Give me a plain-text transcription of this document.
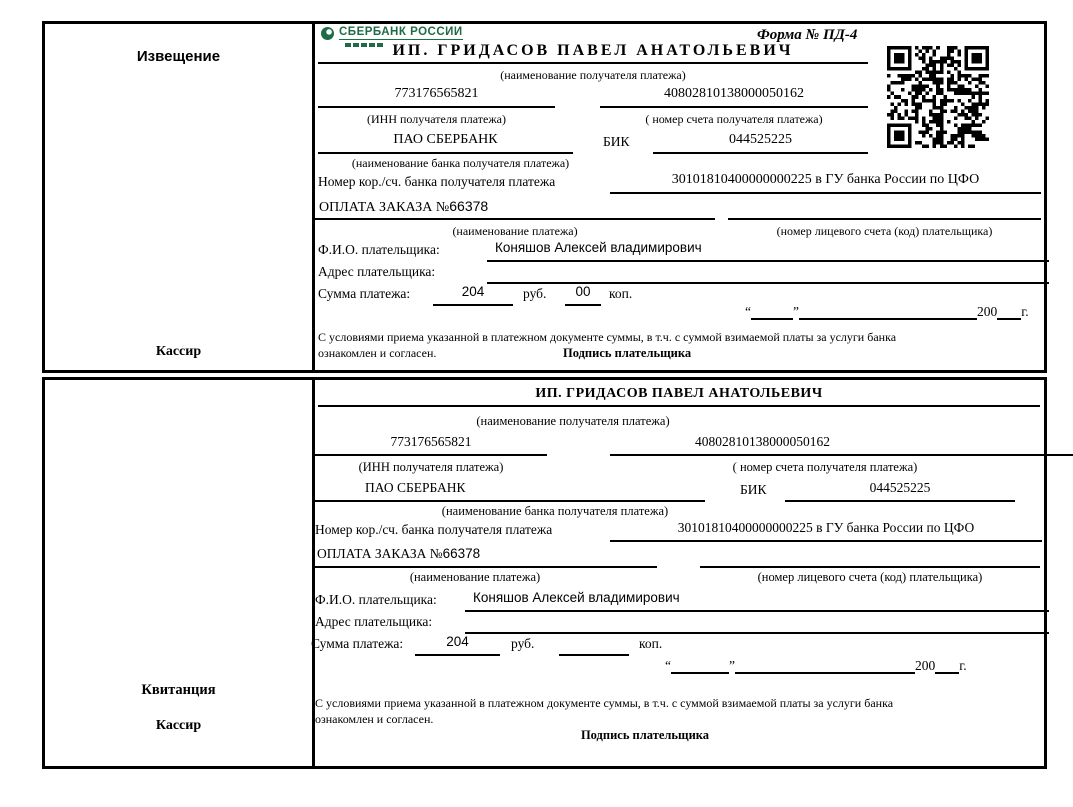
Извещение
Кассир
СБЕРБАНК РОССИИ	Форма № ПД-4
ИП. ГРИДАСОВ ПАВЕЛ АНАТОЛЬЕВИЧ
(наименование получателя платежа)
773176565821	40802810138000050162
(ИНН получателя платежа)	( номер счета получателя платежа)
ПАО СБЕРБАНК	БИК	044525225
(наименование банка получателя платежа)
Номер кор./сч. банка получателя платежа	30101810400000000225 в ГУ банка России по ЦФО
ОПЛАТА ЗАКАЗА №66378
(наименование платежа)	(номер лицевого счета (код) плательщика)
Ф.И.О. плательщика:	Коняшов Алексей владимирович
Адрес плательщика:
Сумма платежа:	204	руб.	00	коп.
“	”	200 г.
С условиями приема указанной в платежном документе суммы, в т.ч. с суммой взимаемой платы за услуги банка
ознакомлен и согласен.	Подпись плательщика
Квитанция
Кассир
ИП. ГРИДАСОВ ПАВЕЛ АНАТОЛЬЕВИЧ
(наименование получателя платежа)
773176565821	40802810138000050162
(ИНН получателя платежа)	( номер счета получателя платежа)
ПАО СБЕРБАНК	БИК	044525225
(наименование банка получателя платежа)
Номер кор./сч. банка получателя платежа	30101810400000000225 в ГУ банка России по ЦФО
ОПЛАТА ЗАКАЗА №66378
(наименование платежа)	(номер лицевого счета (код) плательщика)
Ф.И.О. плательщика:	Коняшов Алексей владимирович
Адрес плательщика:
Сумма платежа:	204	руб.	коп.
“	”	200 г.
С условиями приема указанной в платежном документе суммы, в т.ч. с суммой взимаемой платы за услуги банка
ознакомлен и согласен.
Подпись плательщика
